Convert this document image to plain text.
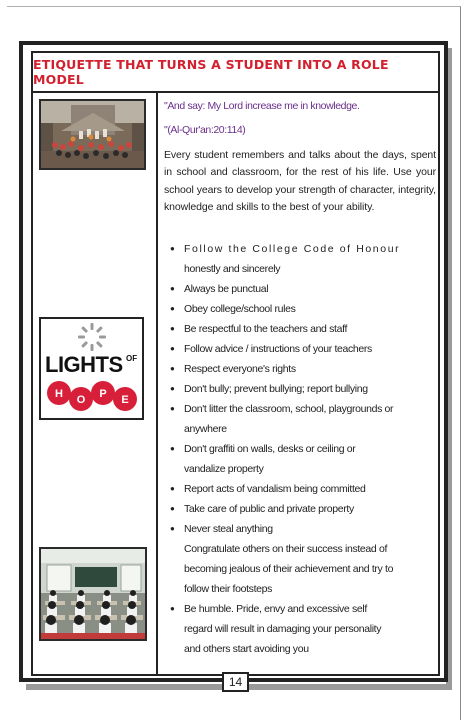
ETIQUETTE THAT TURNS A STUDENT INTO A ROLE MODEL
LIGHTS OF
H O P E
"And say: My Lord increase me in knowledge.
"(Al-Qur'an:20:114)
Every student remembers and talks about the days, spent in school and classroom, for the rest of his life. Use your school years to develop your strength of character, integrity, knowledge and skills to the best of your ability.
● Follow the College Code of Honour
honestly and sincerely
● Always be punctual
● Obey college/school rules
● Be respectful to the teachers and staff
● Follow advice / instructions of your teachers
● Respect everyone's rights
● Don't bully; prevent bullying; report bullying
● Don't litter the classroom, school, playgrounds or
anywhere
● Don't graffiti on walls, desks or ceiling or
vandalize property
● Report acts of vandalism being committed
● Take care of public and private property
● Never steal anything
Congratulate others on their success instead of
becoming jealous of their achievement and try to
follow their footsteps
● Be humble. Pride, envy and excessive self
regard will result in damaging your personality
and others start avoiding you
14
